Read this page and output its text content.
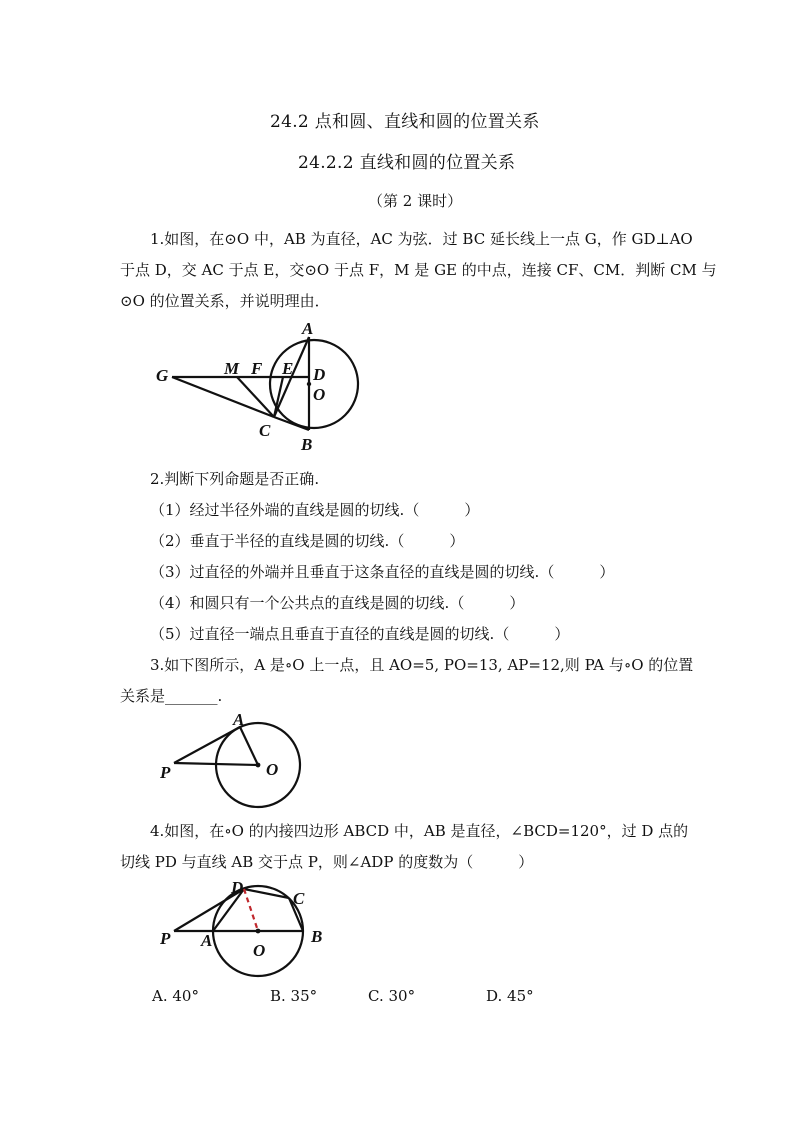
24.2 点和圆、直线和圆的位置关系
24.2.2 直线和圆的位置关系
（第 2 课时）
1.如图，在⊙O 中，AB 为直径，AC 为弦．过 BC 延长线上一点 G，作 GD⊥AO
于点 D，交 AC 于点 E，交⊙O 于点 F，M 是 GE 的中点，连接 CF、CM．判断 CM 与
⊙O 的位置关系，并说明理由．
A
G	M F E D
O
C
B
2.判断下列命题是否正确.
（1）经过半径外端的直线是圆的切线.（　　　）
（2）垂直于半径的直线是圆的切线.（　　　）
（3）过直径的外端并且垂直于这条直径的直线是圆的切线.（　　　）
（4）和圆只有一个公共点的直线是圆的切线.（　　　）
（5）过直径一端点且垂直于直径的直线是圆的切线.（　　　）
3.如下图所示，A 是∘O 上一点，且 AO=5, PO=13, AP=12,则 PA 与∘O 的位置
关系是_______.
A
P	O
4.如图，在∘O 的内接四边形 ABCD 中，AB 是直径，∠BCD=120°，过 D 点的
切线 PD 与直线 AB 交于点 P，则∠ADP 的度数为（　　　）
D
C
P A
O
B
A. 40°	B. 35°	C. 30°	D. 45°
